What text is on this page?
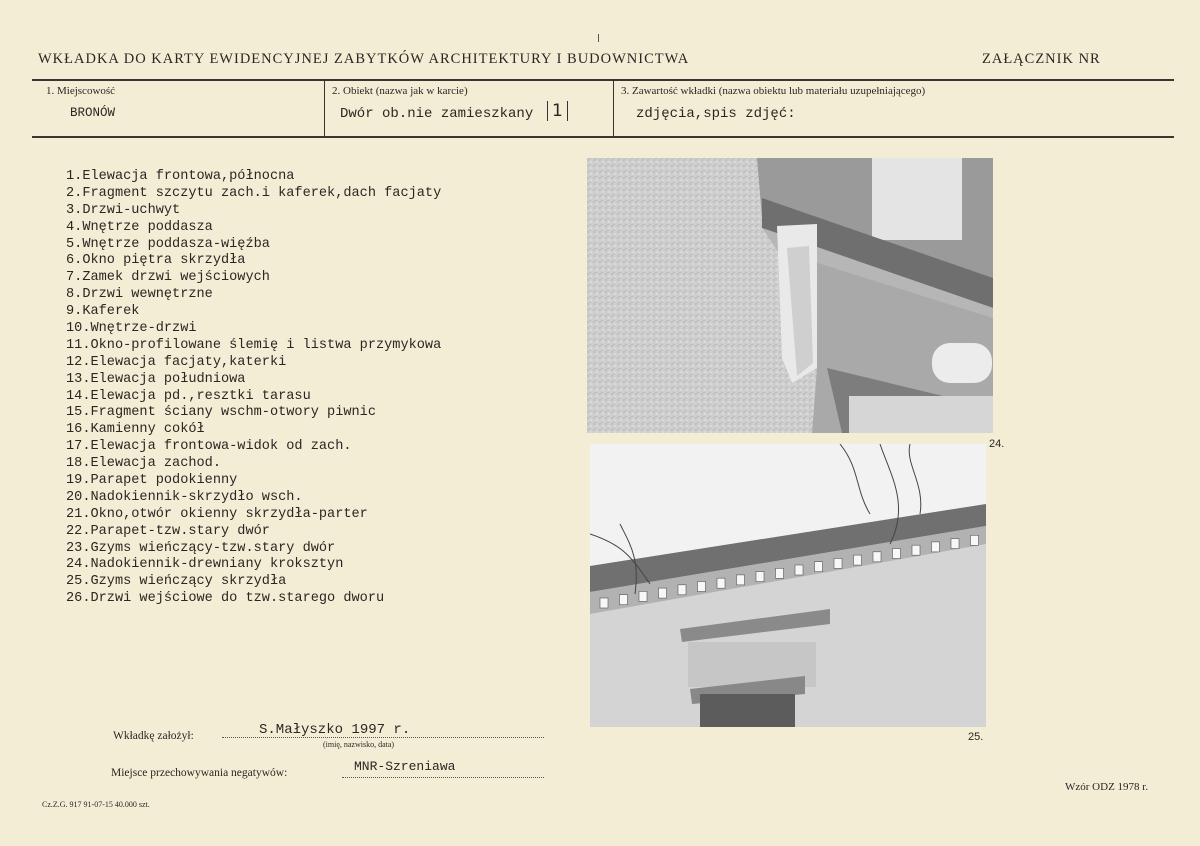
WKŁADKA DO KARTY EWIDENCYJNEJ ZABYTKÓW ARCHITEKTURY I BUDOWNICTWA	ZAŁĄCZNIK NR
1. Miejscowość
BRONÓW
2. Obiekt (nazwa jak w karcie)
Dwór ob.nie zamieszkany 1
3. Zawartość wkładki (nazwa obiektu lub materiału uzupełniającego)
zdjęcia,spis zdjęć:
1.Elewacja frontowa,północna
2.Fragment szczytu zach.i kaferek,dach facjaty
3.Drzwi-uchwyt
4.Wnętrze poddasza
5.Wnętrze poddasza-więźba
6.Okno piętra skrzydła
7.Zamek drzwi wejściowych
8.Drzwi wewnętrzne
9.Kaferek
10.Wnętrze-drzwi
11.Okno-profilowane ślemię i listwa przymykowa
12.Elewacja facjaty,katerki
13.Elewacja południowa
14.Elewacja pd.,resztki tarasu
15.Fragment ściany wschm-otwory piwnic
16.Kamienny cokół
17.Elewacja frontowa-widok od zach.
18.Elewacja zachod.
19.Parapet podokienny
20.Nadokiennik-skrzydło wsch.
21.Okno,otwór okienny skrzydła-parter
22.Parapet-tzw.stary dwór
23.Gzyms wieńczący-tzw.stary dwór
24.Nadokiennik-drewniany kroksztyn
25.Gzyms wieńczący skrzydła
26.Drzwi wejściowe do tzw.starego dworu
24.
25.
Wkładkę założył:	S.Małyszko 1997 r.
(imię, nazwisko, data)
Miejsce przechowywania negatywów:	MNR-Szreniawa
Cz.Z.G. 917 91-07-15 40.000 szt.
Wzór ODZ 1978 r.
